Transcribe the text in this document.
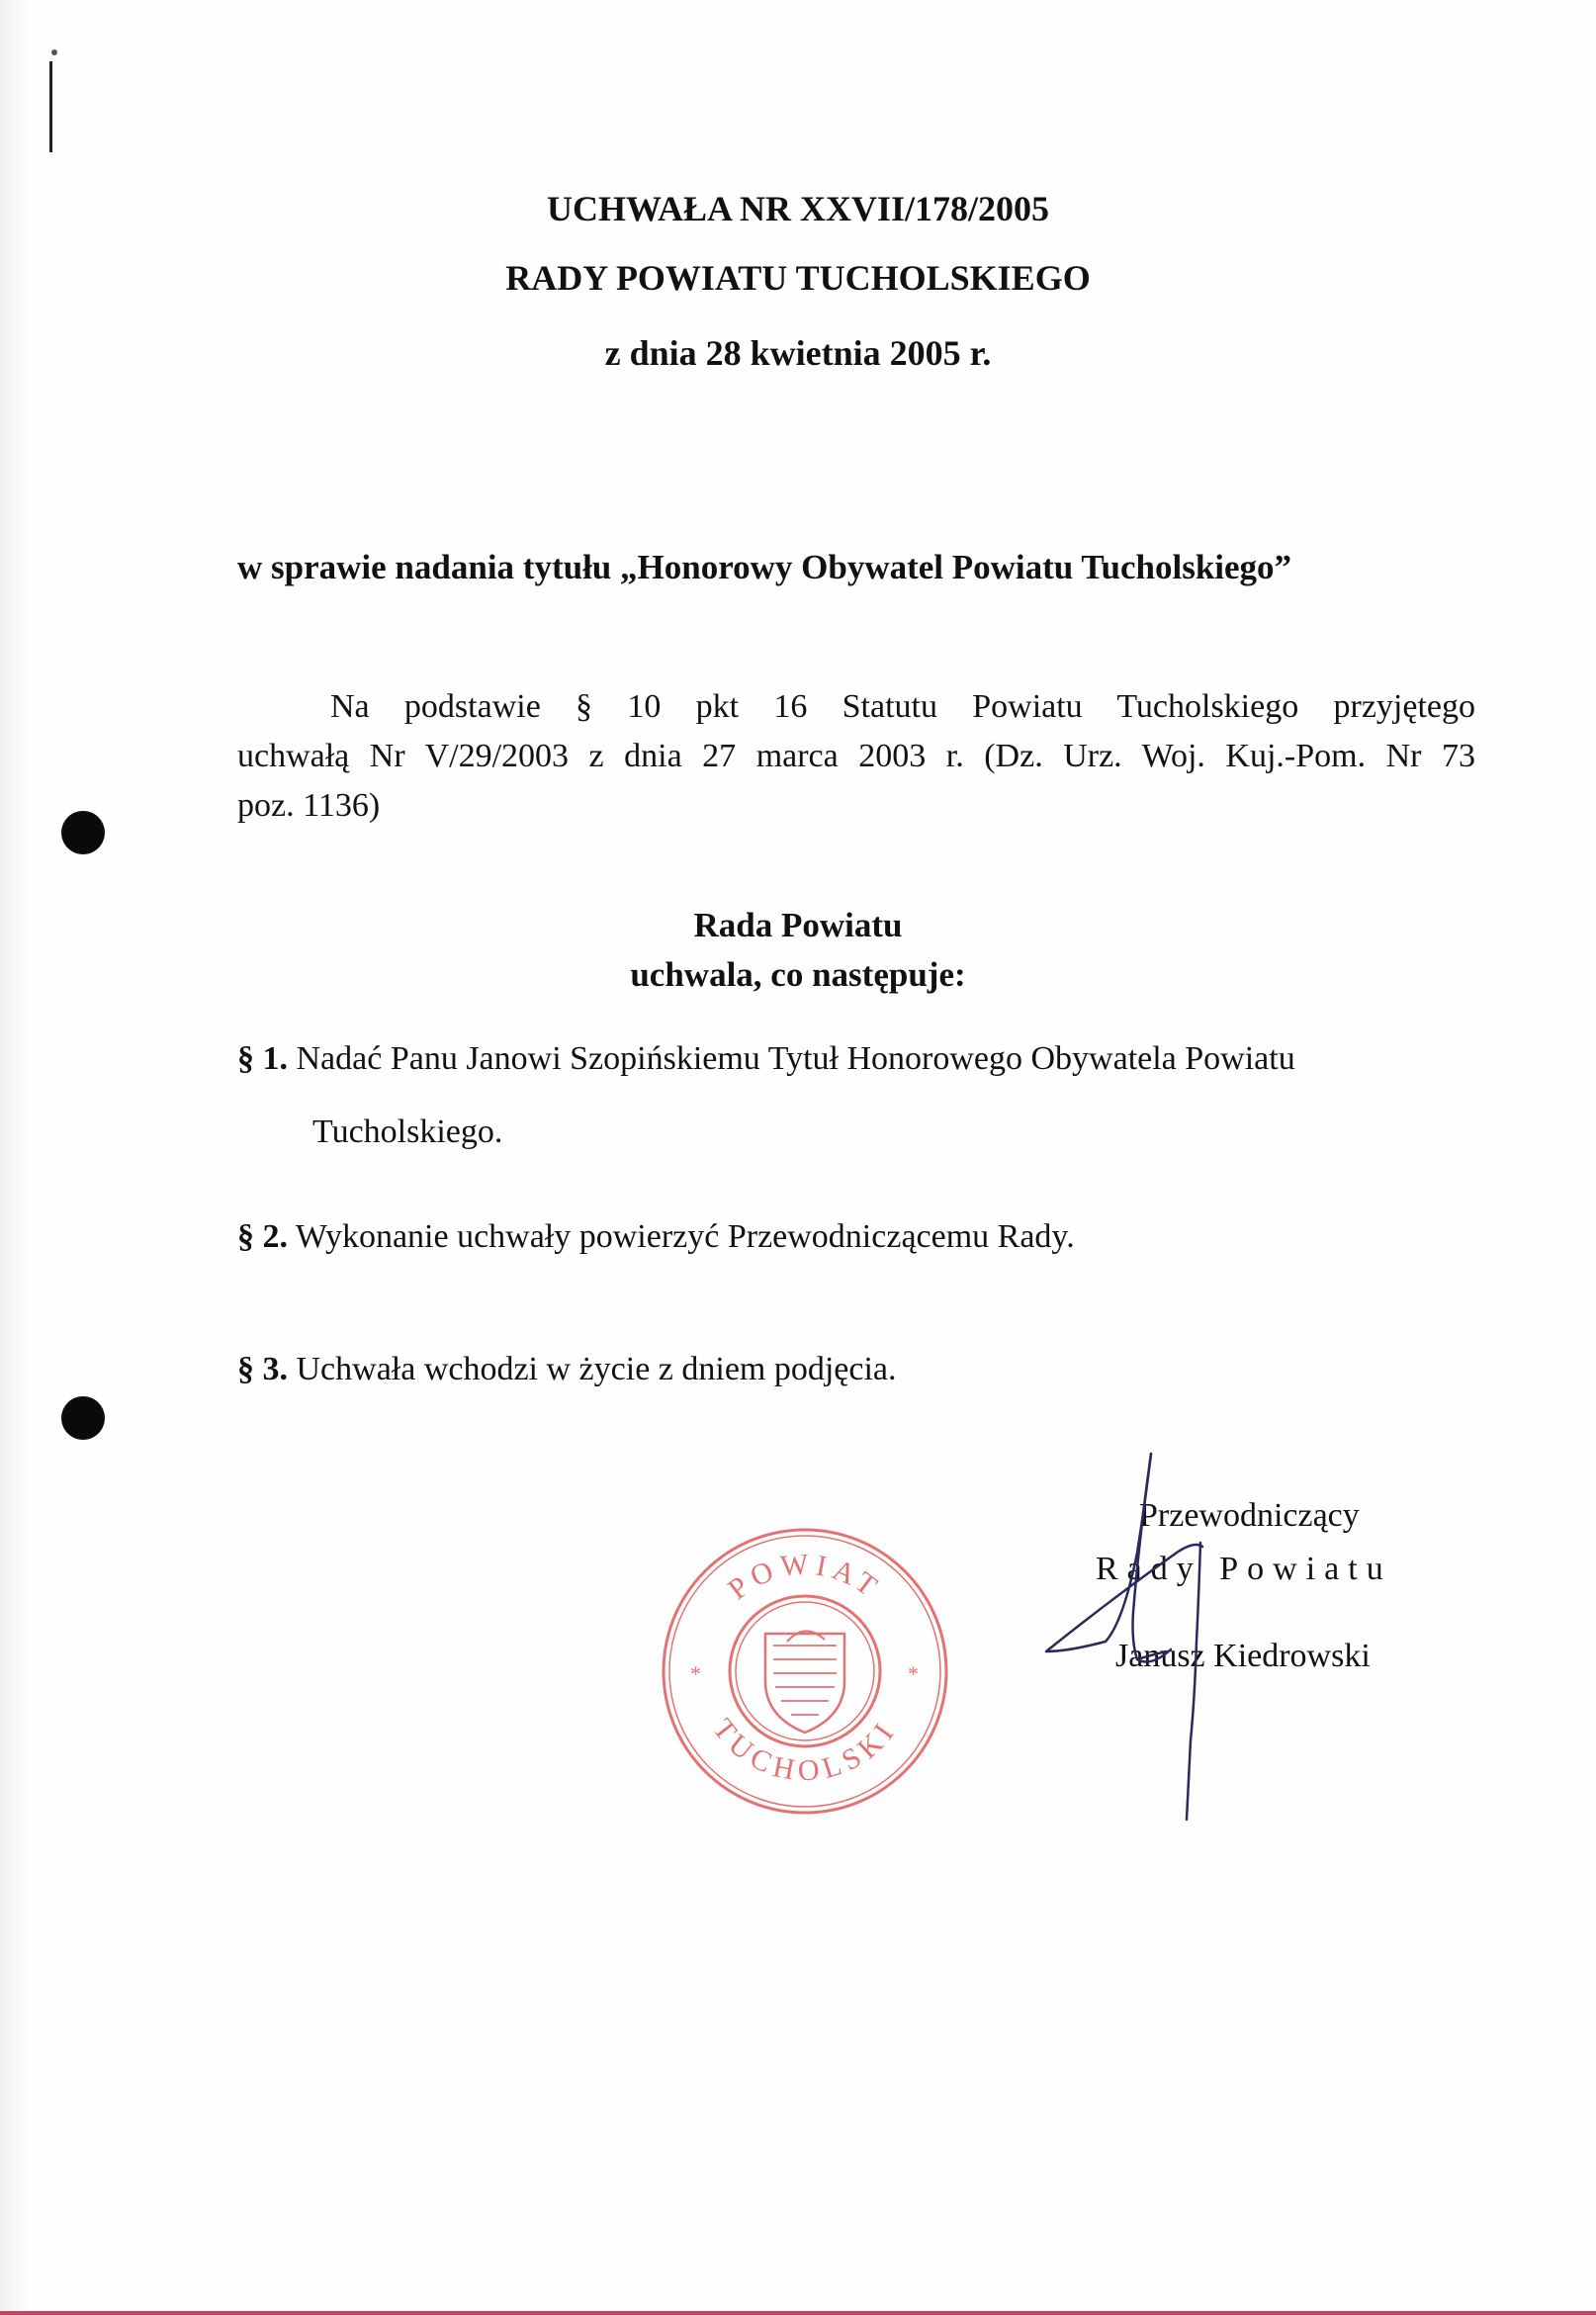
UCHWAŁA NR XXVII/178/2005
RADY POWIATU TUCHOLSKIEGO
z dnia 28 kwietnia 2005 r.
w sprawie nadania tytułu „Honorowy Obywatel Powiatu Tucholskiego”
Na podstawie § 10 pkt 16 Statutu Powiatu Tucholskiego przyjętego
uchwałą Nr V/29/2003 z dnia 27 marca 2003 r. (Dz. Urz. Woj. Kuj.-Pom. Nr 73
poz. 1136)
Rada Powiatu
uchwala, co następuje:
§ 1. Nadać Panu Janowi Szopińskiemu Tytuł Honorowego Obywatela Powiatu
Tucholskiego.
§ 2. Wykonanie uchwały powierzyć Przewodniczącemu Rady.
§ 3. Uchwała wchodzi w życie z dniem podjęcia.
POWIAT
TUCHOLSKI
*	*
Przewodniczący
Rady Powiatu
Janusz Kiedrowski
